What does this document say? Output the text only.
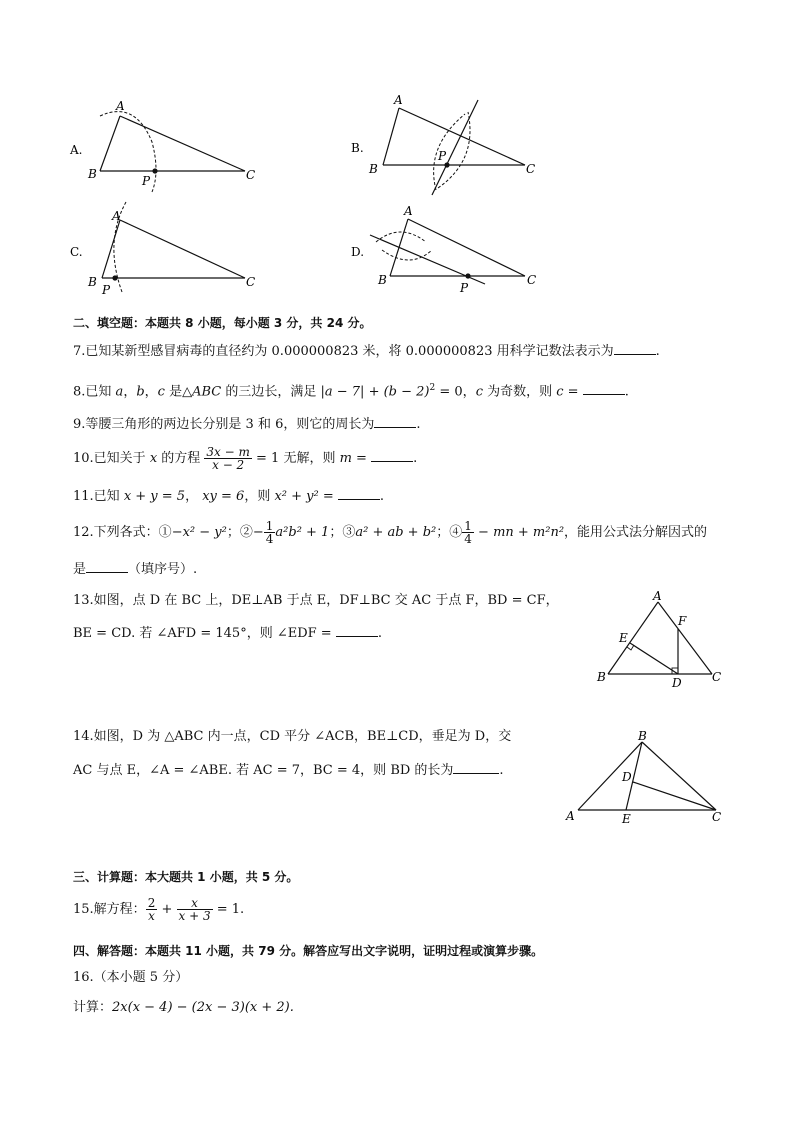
A.
A
B	P	C
B.
A
B
P
C
C.
A
B
P
C
D.
A
B
P
C
二、填空题：本题共 8 小题，每小题 3 分，共 24 分。
7.已知某新型感冒病毒的直径约为 0.000000823 米，将 0.000000823 用科学记数法表示为	.
8.已知 a，b，c 是△ABC 的三边长，满足 $|a - 7| + (b - 2)^2 = 0$，c 为奇数，则 c =	.
9.等腰三角形的两边长分别是 3 和 6，则它的周长为	.
10.已知关于 x 的方程 $\frac{3x - m}{x - 2} = 1$ 无解，则 m =	.
11.已知 x + y = 5， xy = 6，则 x² + y² =	.
12.下列各式：①−x² − y²；②− $\frac{1}{4} a^2b^2 + 1$；③a² + ab + b²；④ $\frac{1}{4}$ − mn + m²n²，能用公式法分解因式的
是	（填序号）.
13.如图，点 D 在 BC 上，DE⊥AB 于点 E，DF⊥BC 交 AC 于点 F，BD = CF，
BE = CD. 若 ∠AFD = 145°，则 ∠EDF =	.
A
F
E
B	D	C
14.如图，D 为 △ABC 内一点，CD 平分 ∠ACB，BE⊥CD，垂足为 D，交
AC 与点 E，∠A = ∠ABE. 若 AC = 7，BC = 4，则 BD 的长为	.
B
D
A	E	C
三、计算题：本大题共 1 小题，共 5 分。
15.解方程： $\frac{2}{x} + \frac{x}{x + 3} = 1$.
四、解答题：本题共 11 小题，共 79 分。解答应写出文字说明，证明过程或演算步骤。
16.（本小题 5 分）
计算：2x(x − 4) − (2x − 3)(x + 2).
